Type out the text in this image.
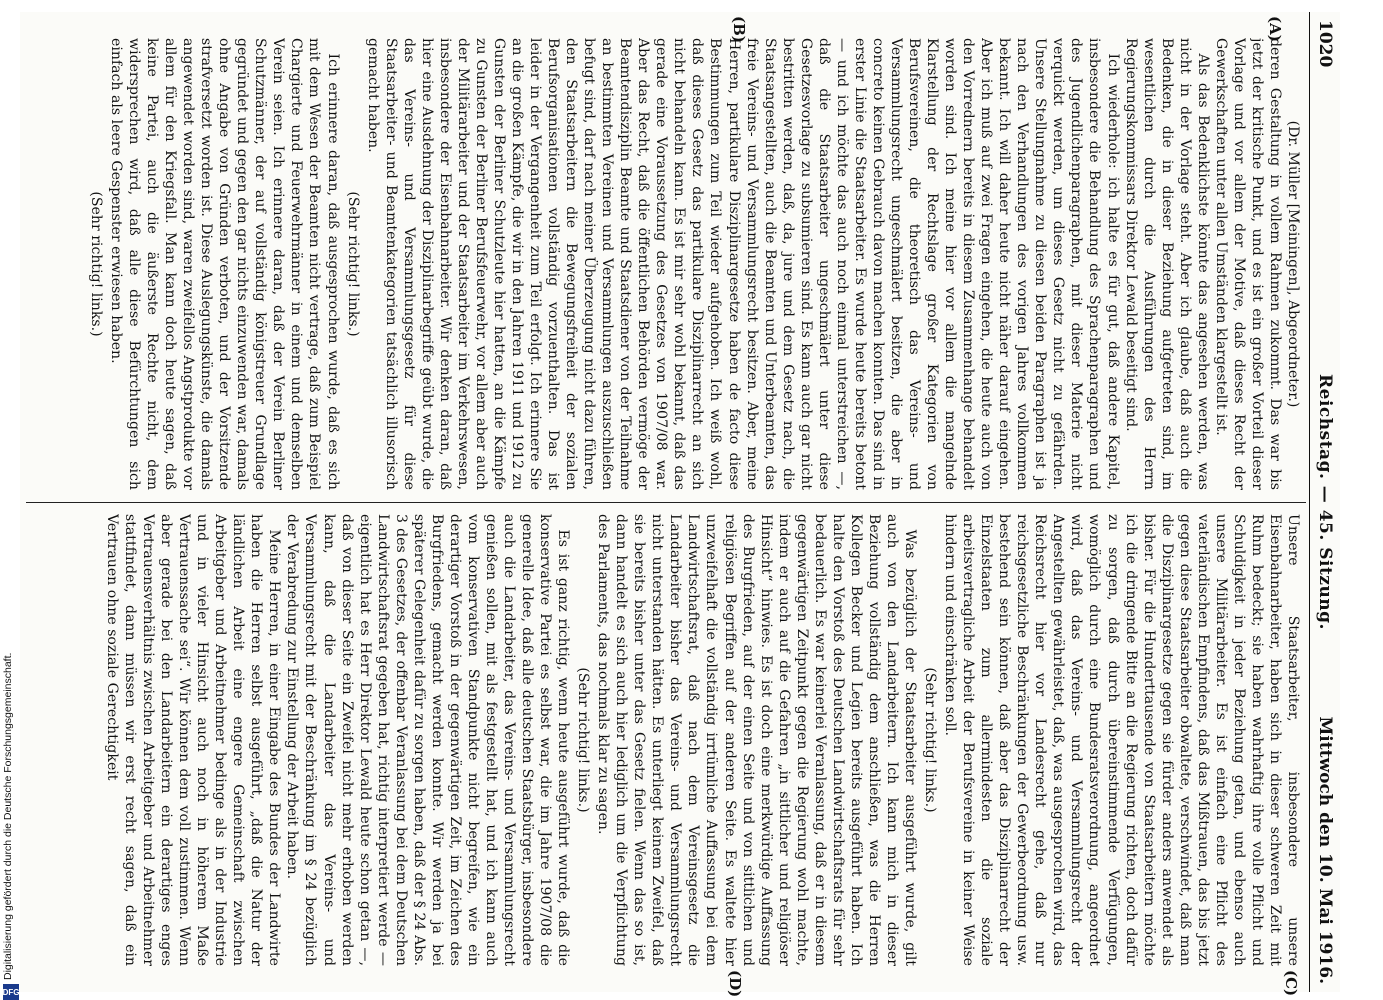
Digitalisierung gefördert durch die Deutsche Forschungsgemeinschaft.
DFG
1020
Reichstag. — 45. Sitzung.
Mittwoch den 10. Mai 1916.
(A)
(B)
(C)
(D)

(Dr. Müller [Meiningen], Abgeordneter.)

deren Gestaltung in vollem Rahmen zukommt. Das war bis jetzt der kritische Punkt, und es ist ein großer Vorteil dieser Vorlage und vor allem der Motive, daß dieses Recht der Gewerkschaften unter allen Umständen klargestellt ist.

Als das Bedenklichste könnte das angesehen werden, was nicht in der Vorlage steht. Aber ich glaube, daß auch die Bedenken, die in dieser Beziehung aufgetreten sind, im wesentlichen durch die Ausführungen des Herrn Regierungskommissars Direktor Lewald beseitigt sind.

Ich wiederhole: ich halte es für gut, daß andere Kapitel, insbesondere die Behandlung des Sprachenparagraphen und des Jugendlichenparagraphen, mit dieser Materie nicht verquickt werden, um dieses Gesetz nicht zu gefährden. Unsere Stellungnahme zu diesen beiden Paragraphen ist ja nach den Verhandlungen des vorigen Jahres vollkommen bekannt. Ich will daher heute nicht näher darauf eingehen. Aber ich muß auf zwei Fragen eingehen, die heute auch von den Vorrednern bereits in diesem Zusammenhange behandelt worden sind. Ich meine hier vor allem die mangelnde Klarstellung der Rechtslage großer Kategorien von Berufsvereinen, die theoretisch das Vereins- und Versammlungsrecht ungeschmälert besitzen, die aber in concreto keinen Gebrauch davon machen konnten. Das sind in erster Linie die Staatsarbeiter. Es wurde heute bereits betont — und ich möchte das auch noch einmal unterstreichen —, daß die Staatsarbeiter ungeschmälert unter diese Gesetzesvorlage zu subsumieren sind. Es kann auch gar nicht bestritten werden, daß, da, jure und dem Gesetz nach, die Staatsangestellten, auch die Beamten und Unterbeamten, das freie Vereins- und Versammlungsrecht besitzen. Aber, meine Herren, partikulare Disziplinargesetze haben de facto diese Bestimmungen zum Teil wieder aufgehoben. Ich weiß wohl, daß dieses Gesetz das partikulare Disziplinarrecht an sich nicht behandeln kann. Es ist mir sehr wohl bekannt, daß das gerade eine Voraussetzung des Gesetzes von 1907/08 war. Aber das Recht, daß die öffentlichen Behörden vermöge der Beamtendisziplin Beamte und Staatsdiener von der Teilnahme an bestimmten Vereinen und Versammlungen auszuschließen befugt sind, darf nach meiner Überzeugung nicht dazu führen, den Staatsarbeitern die Bewegungsfreiheit der sozialen Berufsorganisationen vollständig vorzuenthalten. Das ist leider in der Vergangenheit zum Teil erfolgt. Ich erinnere Sie an die großen Kämpfe, die wir in den Jahren 1911 und 1912 zu Gunsten der Berliner Schutzleute hier hatten, an die Kämpfe zu Gunsten der Berliner Berufsfeuerwehr, vor allem aber auch der Militärarbeiter und der Staatsarbeiter im Verkehrswesen, insbesondere der Eisenbahnarbeiter. Wir denken daran, daß hier eine Ausdehnung der Disziplinarbegriffe geübt wurde, die das Vereins- und Versammlungsgesetz für diese Staatsarbeiter- und Beamtenkategorien tatsächlich illusorisch gemacht haben.

(Sehr richtig! links.)

Ich erinnere daran, daß ausgesprochen wurde, daß es sich mit dem Wesen der Beamten nicht vertrage, daß zum Beispiel Chargierte und Feuerwehrmänner in einem und demselben Verein seien. Ich erinnere daran, daß der Verein Berliner Schutzmänner, der auf vollständig königstreuer Grundlage gegründet und gegen den gar nichts einzuwenden war, damals ohne Angabe von Gründen verboten, und der Vorsitzende strafversetzt worden ist. Diese Auslegungskünste, die damals angewendet worden sind, waren zweifellos Angstprodukte vor allem für den Kriegsfall. Man kann doch heute sagen, daß keine Partei, auch die äußerste Rechte nicht, dem widersprechen wird, daß alle diese Befürchtungen sich einfach als leere Gespenster erwiesen haben.

(Sehr richtig! links.)

Unsere Staatsarbeiter, insbesondere unsere Eisenbahnarbeiter, haben sich in dieser schweren Zeit mit Ruhm bedeckt; sie haben wahrhaftig ihre volle Pflicht und Schuldigkeit in jeder Beziehung getan, und ebenso auch unsere Militärarbeiter. Es ist einfach eine Pflicht des vaterländischen Empfindens, daß das Mißtrauen, das bis jetzt gegen diese Staatsarbeiter obwaltete, verschwindet, daß man die Disziplinargesetze gegen sie fürder anders anwendet als bisher. Für die Hunderttausende von Staatsarbeitern möchte ich die dringende Bitte an die Regierung richten, doch dafür zu sorgen, daß durch übereinstimmende Verfügungen, womöglich durch eine Bundesratsverordnung, angeordnet wird, daß das Vereins- und Versammlungsrecht der Angestellten gewährleistet, daß, was ausgesprochen wird, das Reichsrecht hier vor Landesrecht gehe, daß nur reichsgesetzliche Beschränkungen der Gewerbeordnung usw. bestehend sein können, daß aber das Disziplinarrecht der Einzelstaaten zum allermindesten die soziale arbeitsvertragliche Arbeit der Berufsvereine in keiner Weise hindern und einschränken soll.

(Sehr richtig! links.)

Was bezüglich der Staatsarbeiter ausgeführt wurde, gilt auch von den Landarbeitern. Ich kann mich in dieser Beziehung vollständig dem anschließen, was die Herren Kollegen Becker und Legien bereits ausgeführt haben. Ich halte den Vorstoß des Deutschen Landwirtschaftsrats für sehr bedauerlich. Es war keinerlei Veranlassung, daß er in diesem gegenwärtigen Zeitpunkt gegen die Regierung wohl machte, indem er auch auf die Gefahren „in sittlicher und religiöser Hinsicht“ hinwies. Es ist doch eine merkwürdige Auffassung des Burgfrieden, auf der einen Seite und von sittlichen und religiösen Begriffen auf der anderen Seite. Es waltete hier unzweifelhaft die vollständig irrtümliche Auffassung bei dem Landwirtschaftsrat, daß nach dem Vereinsgesetz die Landarbeiter bisher das Vereins- und Versammlungsrecht nicht unterstanden hätten. Es unterliegt keinem Zweifel, daß sie bereits bisher unter das Gesetz fielen. Wenn das so ist, dann handelt es sich auch hier lediglich um die Verpflichtung des Parlaments, das nochmals klar zu sagen.

(Sehr richtig! links.)

Es ist ganz richtig, wenn heute ausgeführt wurde, daß die konservative Partei es selbst war, die im Jahre 1907/08 die generelle Idee, daß alle deutschen Staatsbürger, insbesondere auch die Landarbeiter, das Vereins- und Versammlungsrecht genießen sollen, mit als festgestellt hat, und ich kann auch vom konservativen Standpunkte nicht begreifen, wie ein derartiger Vorstoß in der gegenwärtigen Zeit, im Zeichen des Burgfriedens, gemacht werden konnte. Wir werden ja bei späterer Gelegenheit dafür zu sorgen haben, daß der § 24 Abs. 3 des Gesetzes, der offenbar Veranlassung bei dem Deutschen Landwirtschaftsrat gegeben hat, richtig interpretiert werde — eigentlich hat es Herr Direktor Lewald heute schon getan —, daß von dieser Seite ein Zweifel nicht mehr erhoben werden kann, daß die Landarbeiter das Vereins- und Versammlungsrecht mit der Beschränkung im § 24 bezüglich der Verabredung zur Einstellung der Arbeit haben.

Meine Herren, in einer Eingabe des Bundes der Landwirte haben die Herren selbst ausgeführt, „daß die Natur der ländlichen Arbeit eine engere Gemeinschaft zwischen Arbeitgeber und Arbeitnehmer bedinge als in der Industrie und in vieler Hinsicht auch noch in höherem Maße Vertrauenssache sei“. Wir können dem voll zustimmen. Wenn aber gerade bei den Landarbeitern ein derartiges enges Vertrauensverhältnis zwischen Arbeitgeber und Arbeitnehmer stattfindet, dann müssen wir erst recht sagen, daß ein Vertrauen ohne soziale Gerechtigkeit
